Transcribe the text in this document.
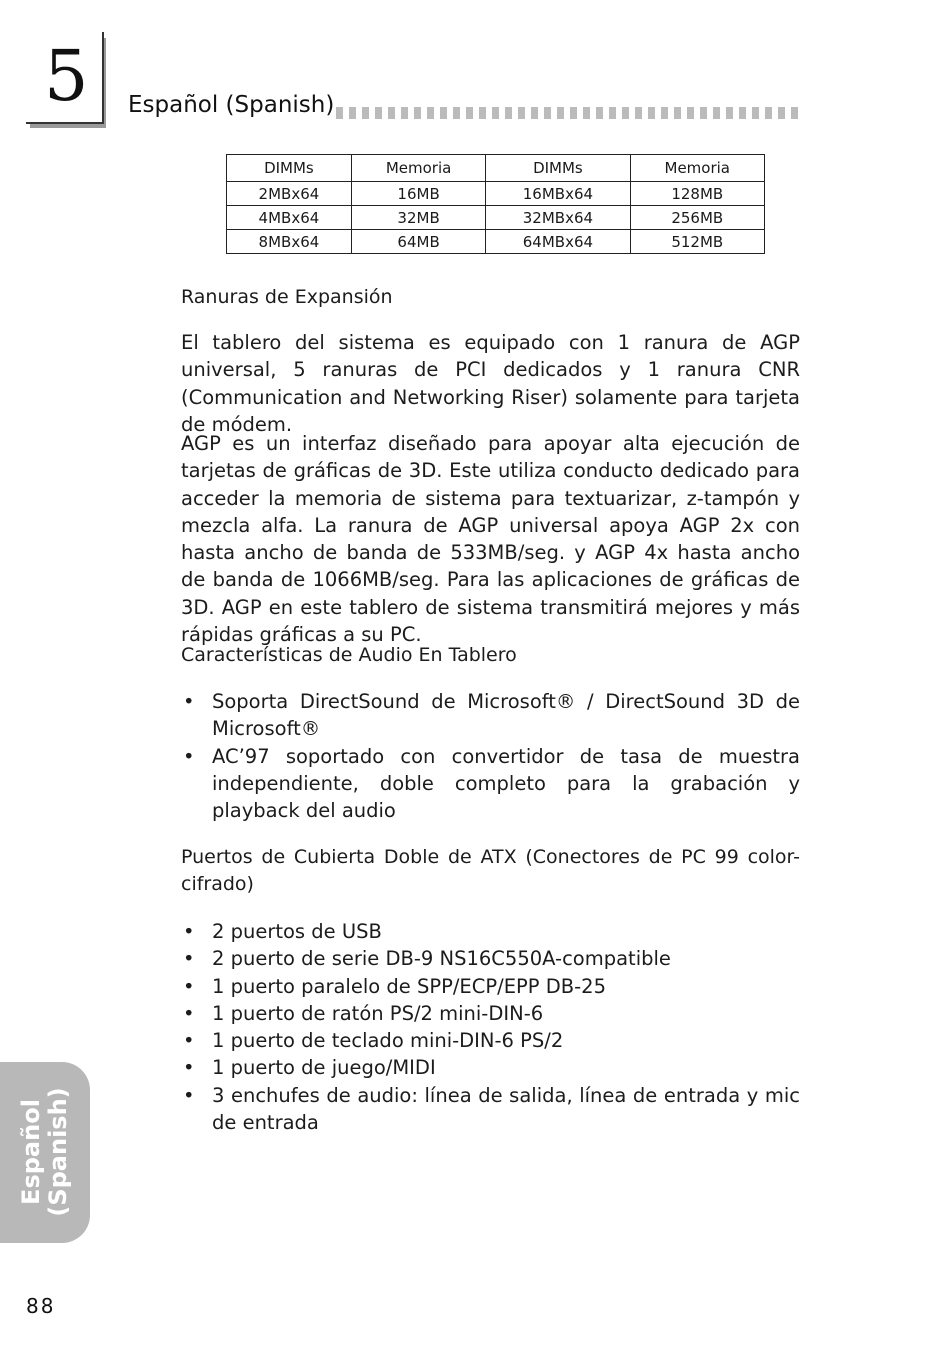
5 Español (Spanish)
DIMMs	Memoria	DIMMs	Memoria
2MBx64	16MB	16MBx64	128MB
4MBx64	32MB	32MBx64	256MB
8MBx64	64MB	64MBx64	512MB
Ranuras de Expansión

El tablero del sistema es equipado con 1 ranura de AGP universal, 5 ranuras de PCI dedicados y 1 ranura CNR (Communication and Networking Riser) solamente para tarjeta de módem.

AGP es un interfaz diseñado para apoyar alta ejecución de tarjetas de gráficas de 3D. Este utiliza conducto dedicado para acceder la memoria de sistema para textuarizar, z-tampón y mezcla alfa. La ranura de AGP universal apoya AGP 2x con hasta ancho de banda de 533MB/seg. y AGP 4x hasta ancho de banda de 1066MB/seg. Para las aplicaciones de gráficas de 3D. AGP en este tablero de sistema transmitirá mejores y más rápidas gráficas a su PC.

Características de Audio En Tablero
• Soporta DirectSound de Microsoft® / DirectSound 3D de Microsoft®
• AC’97 soportado con convertidor de tasa de muestra independiente, doble completo para la grabación y playback del audio

Puertos de Cubierta Doble de ATX (Conectores de PC 99 color-cifrado)

• 2 puertos de USB
• 2 puerto de serie DB-9 NS16C550A-compatible
• 1 puerto paralelo de SPP/ECP/EPP DB-25
• 1 puerto de ratón PS/2 mini-DIN-6
• 1 puerto de teclado mini-DIN-6 PS/2
• 1 puerto de juego/MIDI
• 3 enchufes de audio: línea de salida, línea de entrada y mic de entrada
Español (Spanish)
88
